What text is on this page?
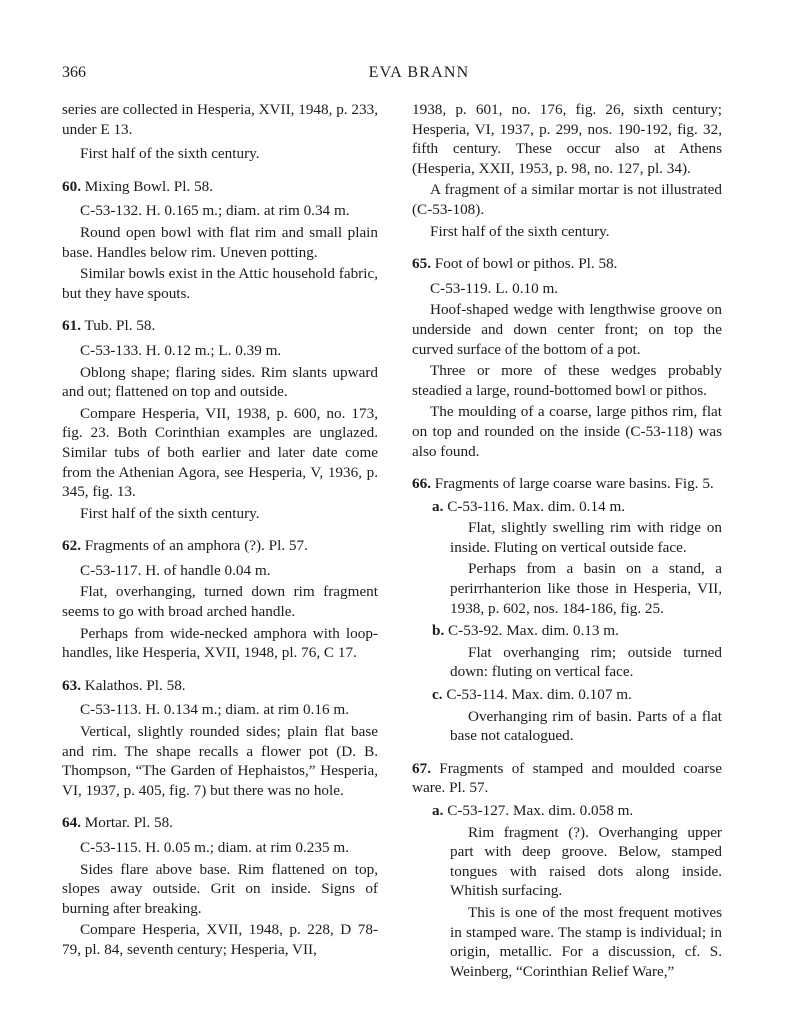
366	EVA BRANN

series are collected in Hesperia, XVII, 1948, p. 233, under E 13.

First half of the sixth century.

60. Mixing Bowl. Pl. 58.

C-53-132. H. 0.165 m.; diam. at rim 0.34 m.

Round open bowl with flat rim and small plain base. Handles below rim. Uneven potting.

Similar bowls exist in the Attic household fabric, but they have spouts.

61. Tub. Pl. 58.

C-53-133. H. 0.12 m.; L. 0.39 m.

Oblong shape; flaring sides. Rim slants upward and out; flattened on top and outside.

Compare Hesperia, VII, 1938, p. 600, no. 173, fig. 23. Both Corinthian examples are unglazed. Similar tubs of both earlier and later date come from the Athenian Agora, see Hesperia, V, 1936, p. 345, fig. 13.

First half of the sixth century.

62. Fragments of an amphora (?). Pl. 57.

C-53-117. H. of handle 0.04 m.

Flat, overhanging, turned down rim fragment seems to go with broad arched handle.

Perhaps from wide-necked amphora with loop-handles, like Hesperia, XVII, 1948, pl. 76, C 17.

63. Kalathos. Pl. 58.

C-53-113. H. 0.134 m.; diam. at rim 0.16 m.

Vertical, slightly rounded sides; plain flat base and rim. The shape recalls a flower pot (D. B. Thompson, “The Garden of Hephaistos,” Hesperia, VI, 1937, p. 405, fig. 7) but there was no hole.

64. Mortar. Pl. 58.

C-53-115. H. 0.05 m.; diam. at rim 0.235 m.

Sides flare above base. Rim flattened on top, slopes away outside. Grit on inside. Signs of burning after breaking.

Compare Hesperia, XVII, 1948, p. 228, D 78-79, pl. 84, seventh century; Hesperia, VII,

1938, p. 601, no. 176, fig. 26, sixth century; Hesperia, VI, 1937, p. 299, nos. 190-192, fig. 32, fifth century. These occur also at Athens (Hesperia, XXII, 1953, p. 98, no. 127, pl. 34).

A fragment of a similar mortar is not illustrated (C-53-108).

First half of the sixth century.

65. Foot of bowl or pithos. Pl. 58.

C-53-119. L. 0.10 m.

Hoof-shaped wedge with lengthwise groove on underside and down center front; on top the curved surface of the bottom of a pot.

Three or more of these wedges probably steadied a large, round-bottomed bowl or pithos.

The moulding of a coarse, large pithos rim, flat on top and rounded on the inside (C-53-118) was also found.

66. Fragments of large coarse ware basins. Fig. 5.

a. C-53-116. Max. dim. 0.14 m.

Flat, slightly swelling rim with ridge on inside. Fluting on vertical outside face.

Perhaps from a basin on a stand, a perirrhanterion like those in Hesperia, VII, 1938, p. 602, nos. 184-186, fig. 25.

b. C-53-92. Max. dim. 0.13 m.

Flat overhanging rim; outside turned down: fluting on vertical face.

c. C-53-114. Max. dim. 0.107 m.

Overhanging rim of basin. Parts of a flat base not catalogued.

67. Fragments of stamped and moulded coarse ware. Pl. 57.

a. C-53-127. Max. dim. 0.058 m.

Rim fragment (?). Overhanging upper part with deep groove. Below, stamped tongues with raised dots along inside. Whitish surfacing.

This is one of the most frequent motives in stamped ware. The stamp is individual; in origin, metallic. For a discussion, cf. S. Weinberg, “Corinthian Relief Ware,”
